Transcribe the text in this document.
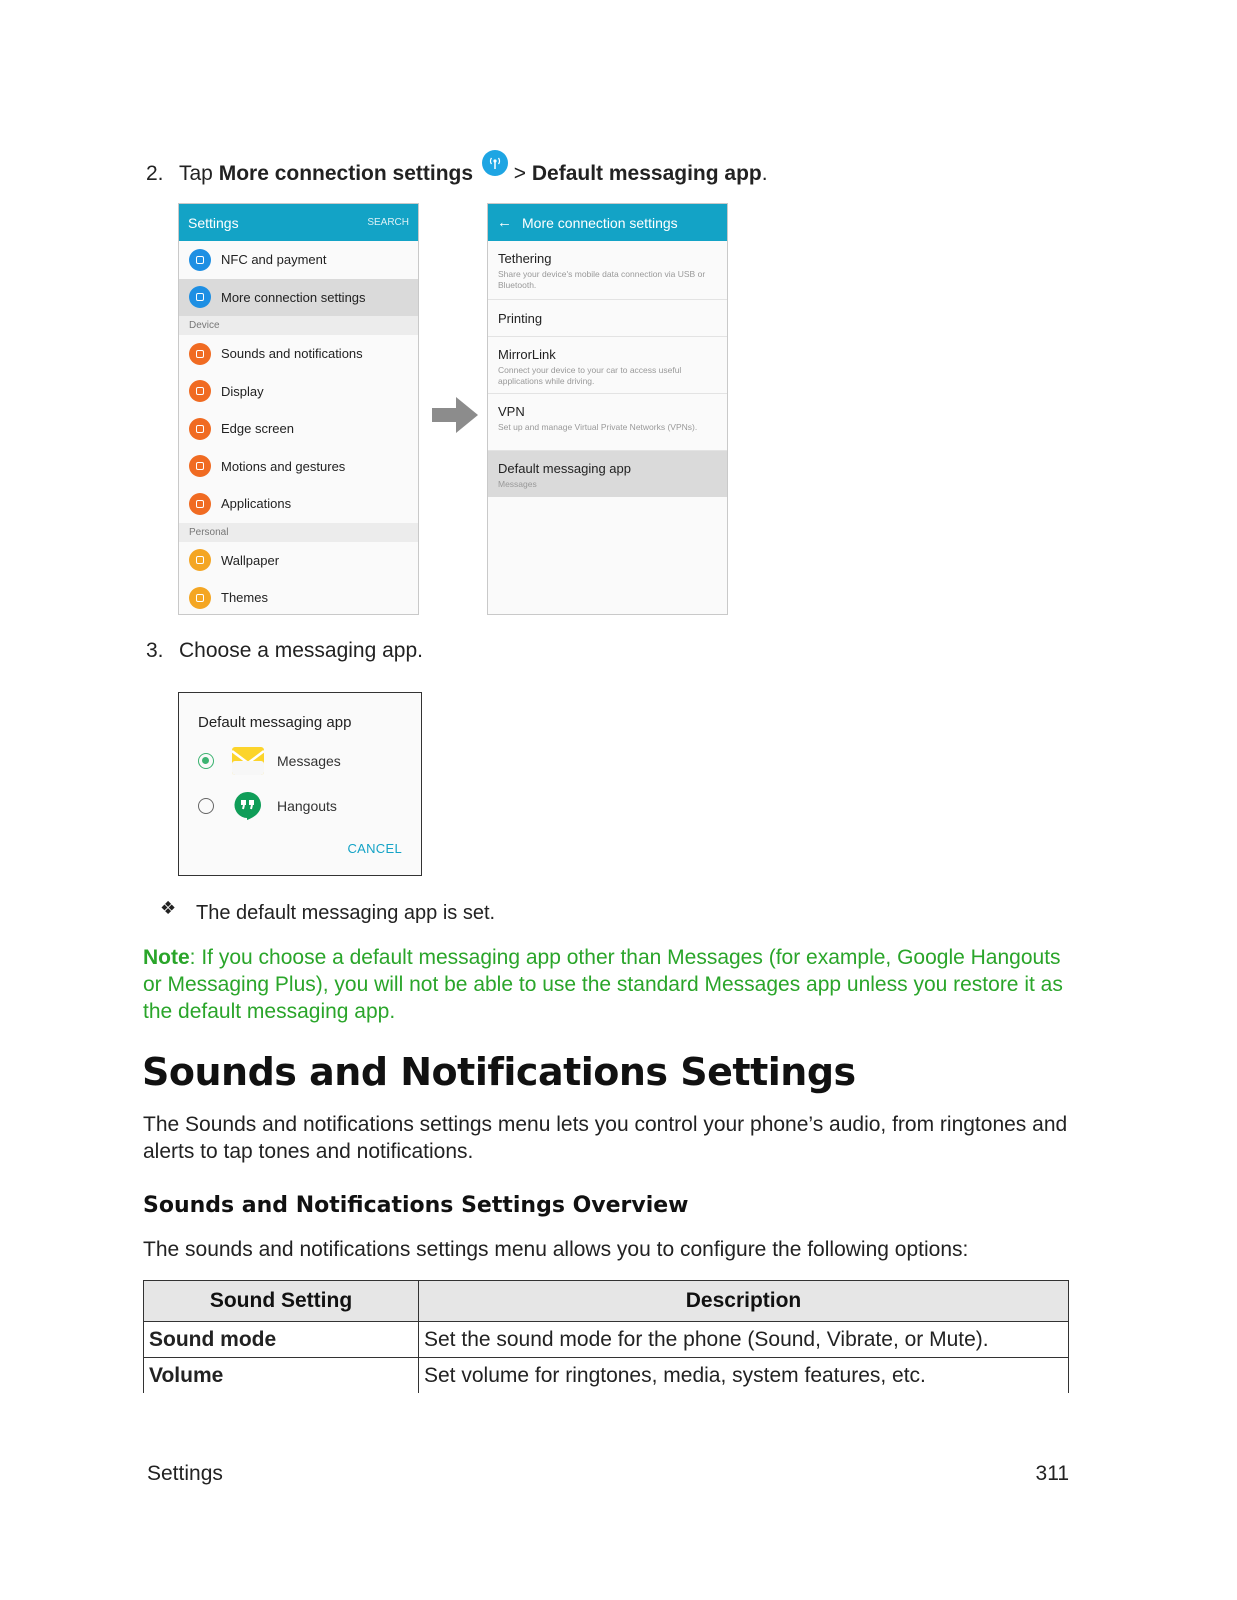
2. Tap More connection settings > Default messaging app.
Settings	SEARCH
NFC and payment
More connection settings
Device
Sounds and notifications
Display
Edge screen
Motions and gestures
Applications
Personal
Wallpaper
Themes
← More connection settings
Tethering
Share your device's mobile data connection via USB or Bluetooth.
Printing
MirrorLink
Connect your device to your car to access useful applications while driving.
VPN
Set up and manage Virtual Private Networks (VPNs).
Default messaging app
Messages
3. Choose a messaging app.
Default messaging app
Messages
Hangouts
CANCEL
❖ The default messaging app is set.
Note: If you choose a default messaging app other than Messages (for example, Google Hangouts or Messaging Plus), you will not be able to use the standard Messages app unless you restore it as the default messaging app.
Sounds and Notifications Settings
The Sounds and notifications settings menu lets you control your phone’s audio, from ringtones and alerts to tap tones and notifications.
Sounds and Notifications Settings Overview
The sounds and notifications settings menu allows you to configure the following options:
Sound Setting	Description
Sound mode	Set the sound mode for the phone (Sound, Vibrate, or Mute).
Volume	Set volume for ringtones, media, system features, etc.
Settings	311
